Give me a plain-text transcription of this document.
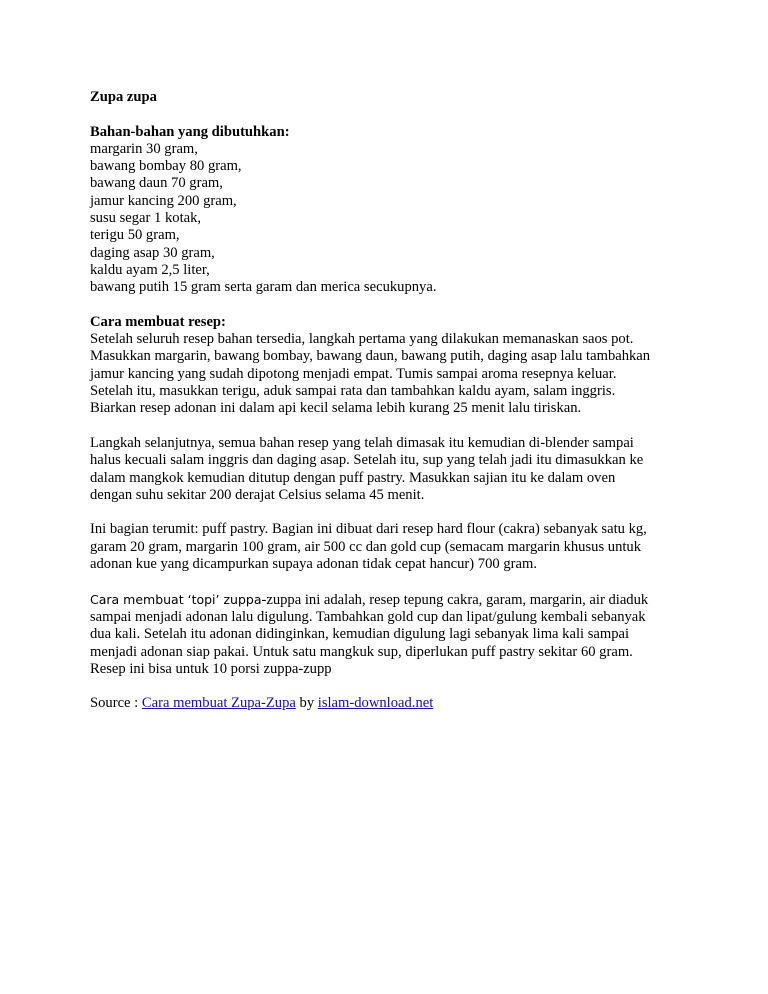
Zupa zupa
Bahan-bahan yang dibutuhkan:
margarin 30 gram,
bawang bombay 80 gram,
bawang daun 70 gram,
jamur kancing 200 gram,
susu segar 1 kotak,
terigu 50 gram,
daging asap 30 gram,
kaldu ayam 2,5 liter,
bawang putih 15 gram serta garam dan merica secukupnya.
Cara membuat resep:
Setelah seluruh resep bahan tersedia, langkah pertama yang dilakukan memanaskan saos pot.
Masukkan margarin, bawang bombay, bawang daun, bawang putih, daging asap lalu tambahkan
jamur kancing yang sudah dipotong menjadi empat. Tumis sampai aroma resepnya keluar.
Setelah itu, masukkan terigu, aduk sampai rata dan tambahkan kaldu ayam, salam inggris.
Biarkan resep adonan ini dalam api kecil selama lebih kurang 25 menit lalu tiriskan.
Langkah selanjutnya, semua bahan resep yang telah dimasak itu kemudian di-blender sampai
halus kecuali salam inggris dan daging asap. Setelah itu, sup yang telah jadi itu dimasukkan ke
dalam mangkok kemudian ditutup dengan puff pastry. Masukkan sajian itu ke dalam oven
dengan suhu sekitar 200 derajat Celsius selama 45 menit.
Ini bagian terumit: puff pastry. Bagian ini dibuat dari resep hard flour (cakra) sebanyak satu kg,
garam 20 gram, margarin 100 gram, air 500 cc dan gold cup (semacam margarin khusus untuk
adonan kue yang dicampurkan supaya adonan tidak cepat hancur) 700 gram.
Cara membuat ‘topi’ zuppa-zuppa ini adalah, resep tepung cakra, garam, margarin, air diaduk
sampai menjadi adonan lalu digulung. Tambahkan gold cup dan lipat/gulung kembali sebanyak
dua kali. Setelah itu adonan didinginkan, kemudian digulung lagi sebanyak lima kali sampai
menjadi adonan siap pakai. Untuk satu mangkuk sup, diperlukan puff pastry sekitar 60 gram.
Resep ini bisa untuk 10 porsi zuppa-zupp
Source : Cara membuat Zupa-Zupa by islam-download.net
